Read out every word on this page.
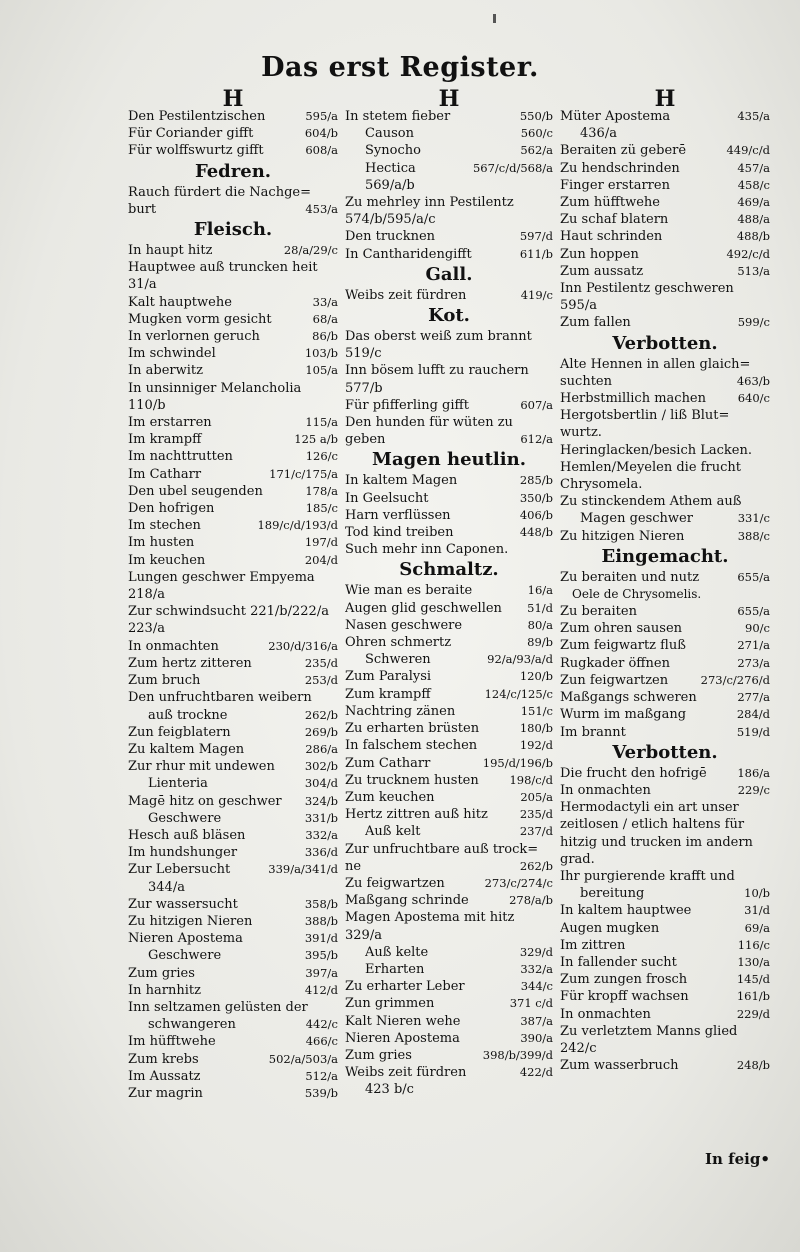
Das erst Register.
H
Den Pestilentzischen	595/a
Für Coriander gifft	604/b
Für wolffswurtz gifft	608/a
Fedren.
Rauch fürdert die Nachge= burt	453/a
Fleisch.
In haupt hitz	28/a/29/c
Hauptwee auß truncken heit 31/a
Kalt hauptwehe	33/a
Mugken vorm gesicht	68/a
In verlornen geruch	86/b
Im schwindel	103/b
In aberwitz	105/a
In unsinniger Melancholia 110/b
Im erstarren	115/a
Im krampff	125 a/b
Im nachttrutten	126/c
Im Catharr	171/c/175/a
Den ubel seugenden	178/a
Den hofrigen	185/c
Im stechen	189/c/d/193/d
Im husten	197/d
Im keuchen	204/d
Lungen geschwer Empyema 218/a
Zur schwindsucht 221/b/222/a 223/a
In onmachten	230/d/316/a
Zum hertz zitteren	235/d
Zum bruch	253/d
Den unfruchtbaren weibern
auß trockne	262/b
Zun feigblatern	269/b
Zu kaltem Magen	286/a
Zur rhur mit undewen	302/b
Lienteria	304/d
Magē hitz on geschwer	324/b
Geschwere	331/b
Hesch auß bläsen	332/a
Im hundshunger	336/d
Zur Lebersucht	339/a/341/d
344/a
Zur wassersucht	358/b
Zu hitzigen Nieren	388/b
Nieren Apostema	391/d
Geschwere	395/b
Zum gries	397/a
In harnhitz	412/d
Inn seltzamen gelüsten der
schwangeren	442/c
Im hüfftwehe	466/c
Zum krebs	502/a/503/a
Im Aussatz	512/a
Zur magrin	539/b
H
In stetem fieber	550/b
Causon	560/c
Synocho	562/a
Hectica	567/c/d/568/a
569/a/b
Zu mehrley inn Pestilentz 574/b/595/a/c
Den trucknen	597/d
In Cantharidengifft	611/b
Gall.
Weibs zeit fürdren	419/c
Kot.
Das oberst weiß zum brannt 519/c
Inn bösem lufft zu rauchern 577/b
Für pfifferling gifft	607/a
Den hunden für wüten zu geben	612/a
Magen heutlin.
In kaltem Magen	285/b
In Geelsucht	350/b
Harn verflüssen	406/b
Tod kind treiben	448/b
Such mehr inn Caponen.
Schmaltz.
Wie man es beraite	16/a
Augen glid geschwellen	51/d
Nasen geschwere	80/a
Ohren schmertz	89/b
Schweren	92/a/93/a/d
Zum Paralysi	120/b
Zum krampff	124/c/125/c
Nachtring zänen	151/c
Zu erharten brüsten	180/b
In falschem stechen	192/d
Zum Catharr	195/d/196/b
Zu trucknem husten	198/c/d
Zum keuchen	205/a
Hertz zittren auß hitz	235/d
Auß kelt	237/d
Zur unfruchtbare auß trock= ne	262/b
Zu feigwartzen	273/c/274/c
Maßgang schrinde	278/a/b
Magen Apostema mit hitz 329/a
Auß kelte	329/d
Erharten	332/a
Zu erharter Leber	344/c
Zun grimmen	371 c/d
Kalt Nieren wehe	387/a
Nieren Apostema	390/a
Zum gries	398/b/399/d
Weibs zeit fürdren	422/d
423 b/c
H
Müter Apostema	435/a
436/a
Beraiten zü geberē	449/c/d
Zu hendschrinden	457/a
Finger erstarren	458/c
Zum hüfftwehe	469/a
Zu schaf blatern	488/a
Haut schrinden	488/b
Zun hoppen	492/c/d
Zum aussatz	513/a
Inn Pestilentz geschweren 595/a
Zum fallen	599/c
Verbotten.
Alte Hennen in allen glaich= suchten	463/b
Herbstmillich machen	640/c
Hergotsbertlin / liß Blut= wurtz.
Heringlacken/besich Lacken.
Hemlen/Meyelen die frucht Chrysomela.
Zu stinckendem Athem auß
Magen geschwer	331/c
Zu hitzigen Nieren	388/c
Eingemacht.
Zu beraiten und nutz	655/a
Oele de Chrysomelis.
Zu beraiten	655/a
Zum ohren sausen	90/c
Zum feigwartz fluß	271/a
Rugkader öffnen	273/a
Zun feigwartzen	273/c/276/d
Maßgangs schweren	277/a
Wurm im maßgang	284/d
Im brannt	519/d
Verbotten.
Die frucht den hofrigē	186/a
In onmachten	229/c
Hermodactyli ein art unser zeitlosen / etlich haltens für hitzig und trucken im andern grad.
Ihr purgierende krafft und
bereitung	10/b
In kaltem hauptwee	31/d
Augen mugken	69/a
Im zittren	116/c
In fallender sucht	130/a
Zum zungen frosch	145/d
Für kropff wachsen	161/b
In onmachten	229/d
Zu verletztem Manns glied 242/c
Zum wasserbruch	248/b
In feig•
